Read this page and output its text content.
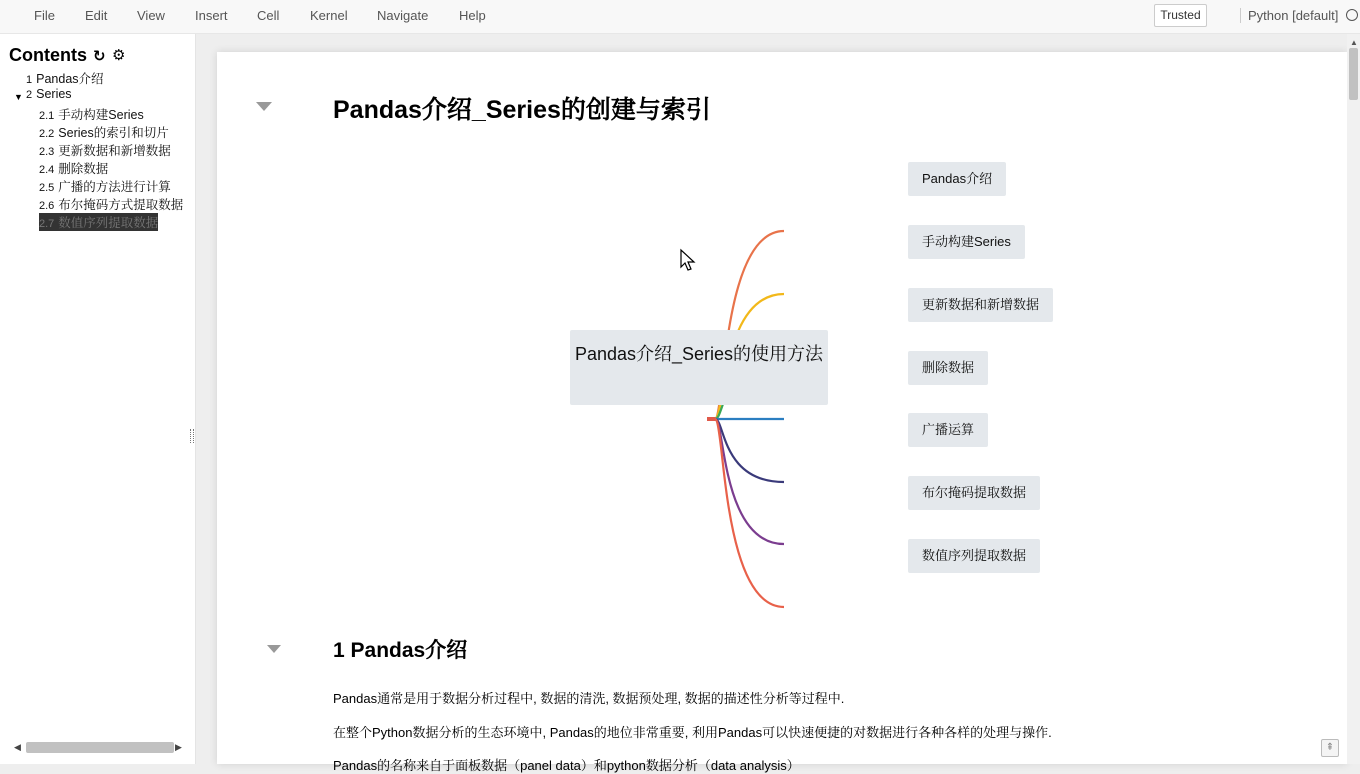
File Edit View Insert Cell Kernel Navigate Help	Trusted	Python [default]
Contents ↻ ⚙
▼
1 Pandas介绍
2 Series
2.1 手动构建Series
2.2 Series的索引和切片
2.3 更新数据和新增数据
2.4 删除数据
2.5 广播的方法进行计算
2.6 布尔掩码方式提取数据
2.7 数值序列提取数据
◀	▶
Pandas介绍_Series的创建与索引
Pandas介绍_Series的使用方法
Pandas介绍
手动构建Series
更新数据和新增数据
删除数据
广播运算
布尔掩码提取数据
数值序列提取数据
1 Pandas介绍
Pandas通常是用于数据分析过程中, 数据的清洗, 数据预处理, 数据的描述性分析等过程中.
在整个Python数据分析的生态环境中, Pandas的地位非常重要, 利用Pandas可以快速便捷的对数据进行各种各样的处理与操作.
Pandas的名称来自于面板数据（panel data）和python数据分析（data analysis）
▲
⇞
